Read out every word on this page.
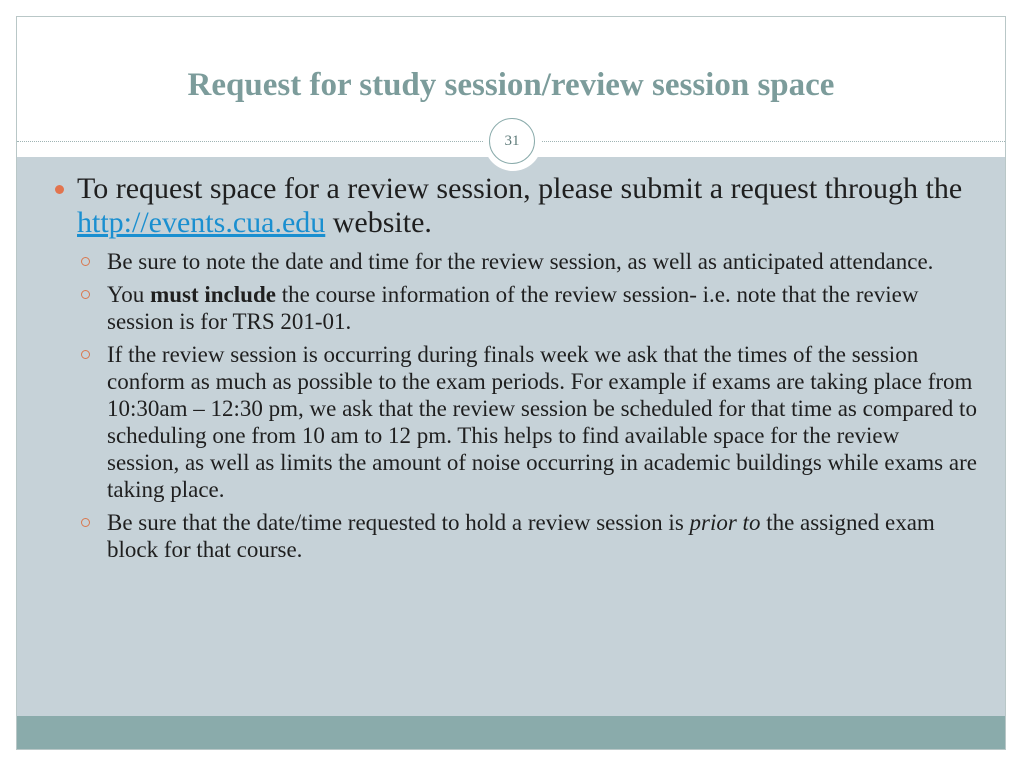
Request for study session/review session space
31
To request space for a review session, please submit a request through the http://events.cua.edu website.
Be sure to note the date and time for the review session, as well as anticipated attendance.
You must include the course information of the review session- i.e. note that the review session is for TRS 201-01.
If the review session is occurring during finals week we ask that the times of the session conform as much as possible to the exam periods. For example if exams are taking place from 10:30am – 12:30 pm, we ask that the review session be scheduled for that time as compared to scheduling one from 10 am to 12 pm. This helps to find available space for the review session, as well as limits the amount of noise occurring in academic buildings while exams are taking place.
Be sure that the date/time requested to hold a review session is prior to the assigned exam block for that course.
